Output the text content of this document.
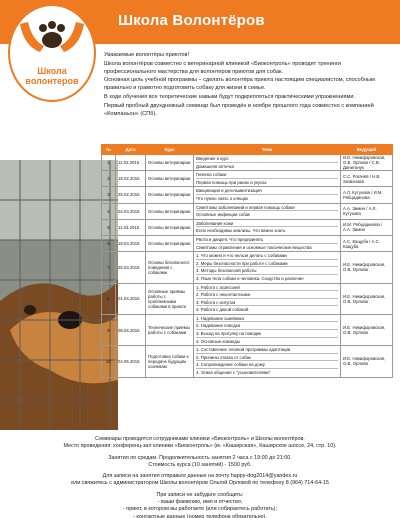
Школа Волонтёров
Школа волонтеров

Уважаемые волонтёры приютов!

Школа волонтёров совместно с ветеринарной клиникой «Биоконтроль» проводят тренинги профессионального мастерства для волонтеров приютов для собак.

Основная цель учебной программы – сделать волонтёра приюта настоящим специалистом, способным правильно и грамотно подготовить собаку для жизни в семье.

В ходе обучения все теоретические навыки будут подкрепляться практическими упражнениями.

Первый пробный двухдневный семинар был проведён в ноябре прошлого года совместно с компанией «Компаньон» (СПб).

№	Дата	Курс	Тема	Ведущий
1	11.02.2015	Основы ветеринарии	Введение в курс
Домашняя аптечка	И.Е. Никифоровская, О.В. Орлова / С.В. Данильчук
2	18.02.2015	Основы ветеринарии	Гигиена собаки
Первая помощь при ранах и укусах	С.С. Рогачёв / Н.В. Зазвонова
3	25.02.2015	Основы ветеринарии	Вакцинация и дегельминтизация
Что нужно знать о клещах	А.Л. Кутукова / И.М. Рябцадинова
4	04.03.2015	Основы ветеринарии	Симптомы заболеваний и первая помощь собаке
Основные инфекции собак	А.А. Зимин / А.Л. Кутукова
5	11.03.2015	Основы ветеринарии	Заболевания кожи
Если необходимы анализы. Что важно знать	И.М. Рябцадинова / А.А. Зимин
6	18.03.2015	Основы ветеринарии	Рвота и диарея. Что предпринять
Симптомы отравления и основные токсические вещества	А.С. Кащуба / А.С. Кащуба
7	25.03.2015	Основы безопасного поведения с собаками	1. Что можно и что нельзя делать с собаками
2. Меры безопасности при работе с собаками
3. Методы безопасной работы
4. Язык тела собаки и человека. Сходство и различие	И.Е. Никифоровская, О.В. Орлова
8	01.04.2015	Основные приёмы работы с проблемными собаками в приюте	1. Работа с агрессией
2. Работа с неконтактными
3. Работа с испугом
4. Работа с дикой собакой	И.Е. Никифоровская, О.В. Орлова
9	08.04.2015	Технические приёмы работы с собаками	1. Надевание ошейника
2. Надевание поводка
3. Выход на прогулку на поводке
4. Основные команды	И.Е. Никифоровская, О.В. Орлова
10	04.05.2015	Подготовка собаки к передаче будущим хозяевам	1. Составление типовой программы адаптации
2. Причины отказа от собак
3. Сопровождение собаки на дому
4. Этика общения с "усыновителями"	И.Е. Никифоровская, О.В. Орлова
Семинары проводятся сотрудниками клиники «Биоконтроль» и Школы волонтёров.
Место проведения: конференц-зал клиники «Биоконтроль» (м. «Каширская», Каширское шоссе, 24, стр. 10).
Занятия по средам. Продолжительность занятия 2 часа с 19:00 до 21:00.
Стоимость курса (10 занятий) - 1500 руб.
Для записи на занятия отправьте данные на почту happy-dog2014@yandex.ru
или свяжитесь с администратором Школы волонтёров Ольгой Орловой по телефону 8 (964) 714-64-15
При записи не забудьте сообщить:
- ваши фамилию, имя и отчество;
- приют, в котором вы работаете (или собираетесь работать);
- контактные данные (номер телефона обязательно).
